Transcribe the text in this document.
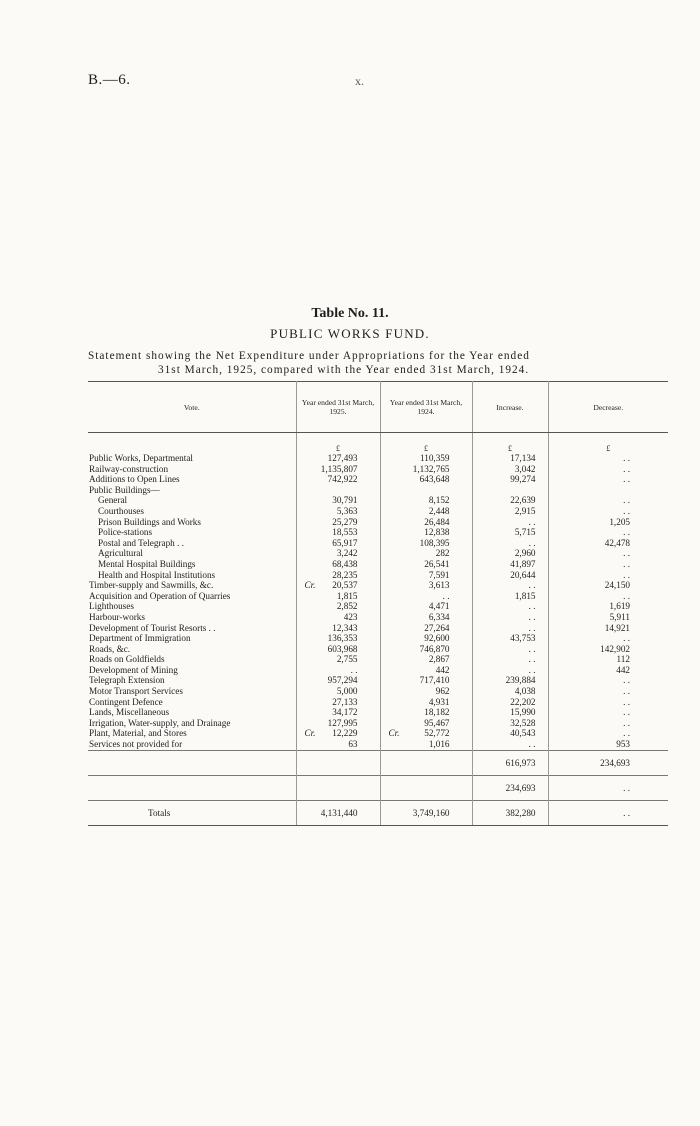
B.—6.	x.
Table No. 11.
PUBLIC WORKS FUND.
Statement showing the Net Expenditure under Appropriations for the Year ended
31st March, 1925, compared with the Year ended 31st March, 1924.
Vote.	Year ended 31st March, 1925.	Year ended 31st March, 1924.	Increase.	Decrease.
	£	£	£	£
Public Works, Departmental	127,493	110,359	17,134	. .
Railway-construction	1,135,807	1,132,765	3,042	. .
Additions to Open Lines	742,922	643,648	99,274	. .
Public Buildings—				
General	30,791	8,152	22,639	. .
Courthouses	5,363	2,448	2,915	. .
Prison Buildings and Works	25,279	26,484	. .	1,205
Police-stations	18,553	12,838	5,715	. .
Postal and Telegraph . .	65,917	108,395	. .	42,478
Agricultural	3,242	282	2,960	. .
Mental Hospital Buildings	68,438	26,541	41,897	. .
Health and Hospital Institutions	28,235	7,591	20,644	. .
Timber-supply and Sawmills, &c.	Cr. 20,537	3,613	. .	24,150
Acquisition and Operation of Quarries	1,815	. .	1,815	. .
Lighthouses	2,852	4,471	. .	1,619
Harbour-works	423	6,334	. .	5,911
Development of Tourist Resorts . .	12,343	27,264	. .	14,921
Department of Immigration	136,353	92,600	43,753	. .
Roads, &c.	603,968	746,870	. .	142,902
Roads on Goldfields	2,755	2,867	. .	112
Development of Mining	. .	442	. .	442
Telegraph Extension	957,294	717,410	239,884	. .
Motor Transport Services	5,000	962	4,038	. .
Contingent Defence	27,133	4,931	22,202	. .
Lands, Miscellaneous	34,172	18,182	15,990	. .
Irrigation, Water-supply, and Drainage	127,995	95,467	32,528	. .
Plant, Material, and Stores	Cr. 12,229	Cr. 52,772	40,543	. .
Services not provided for	63	1,016	. .	953
			616,973	234,693
			234,693	. .
Totals	4,131,440	3,749,160	382,280	. .
